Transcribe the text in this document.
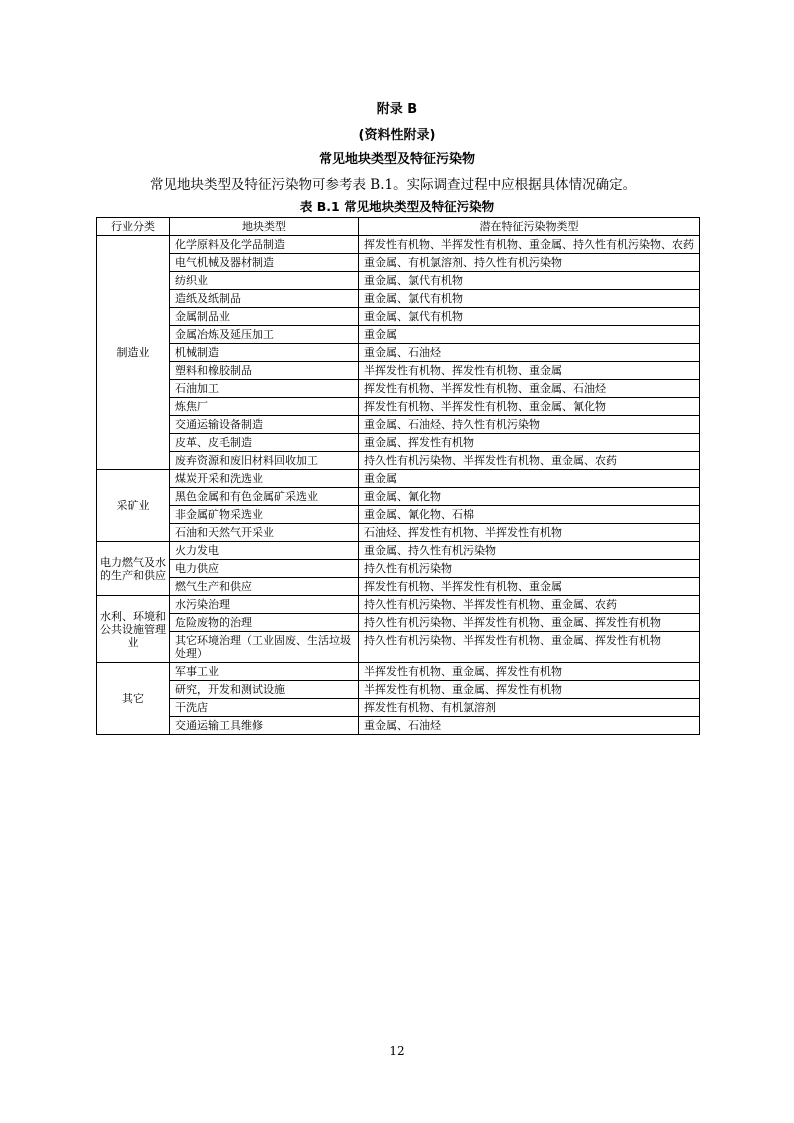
附录 B
(资料性附录)
常见地块类型及特征污染物
常见地块类型及特征污染物可参考表 B.1。实际调查过程中应根据具体情况确定。
表 B.1 常见地块类型及特征污染物
行业分类	地块类型	潜在特征污染物类型
制造业	化学原料及化学品制造	挥发性有机物、半挥发性有机物、重金属、持久性有机污染物、农药
	电气机械及器材制造	重金属、有机氯溶剂、持久性有机污染物
	纺织业	重金属、氯代有机物
	造纸及纸制品	重金属、氯代有机物
	金属制品业	重金属、氯代有机物
	金属冶炼及延压加工	重金属
	机械制造	重金属、石油烃
	塑料和橡胶制品	半挥发性有机物、挥发性有机物、重金属
	石油加工	挥发性有机物、半挥发性有机物、重金属、石油烃
	炼焦厂	挥发性有机物、半挥发性有机物、重金属、氰化物
	交通运输设备制造	重金属、石油烃、持久性有机污染物
	皮革、皮毛制造	重金属、挥发性有机物
	废弃资源和废旧材料回收加工	持久性有机污染物、半挥发性有机物、重金属、农药
采矿业	煤炭开采和洗选业	重金属
	黑色金属和有色金属矿采选业	重金属、氰化物
	非金属矿物采选业	重金属、氰化物、石棉
	石油和天然气开采业	石油烃、挥发性有机物、半挥发性有机物
电力燃气及水的生产和供应	火力发电	重金属、持久性有机污染物
	电力供应	持久性有机污染物
	燃气生产和供应	挥发性有机物、半挥发性有机物、重金属
水利、环境和公共设施管理业	水污染治理	持久性有机污染物、半挥发性有机物、重金属、农药
	危险废物的治理	持久性有机污染物、半挥发性有机物、重金属、挥发性有机物
	其它环境治理（工业固废、生活垃圾处理）	持久性有机污染物、半挥发性有机物、重金属、挥发性有机物
其它	军事工业	半挥发性有机物、重金属、挥发性有机物
	研究，开发和测试设施	半挥发性有机物、重金属、挥发性有机物
	干洗店	挥发性有机物、有机氯溶剂
	交通运输工具维修	重金属、石油烃
12
